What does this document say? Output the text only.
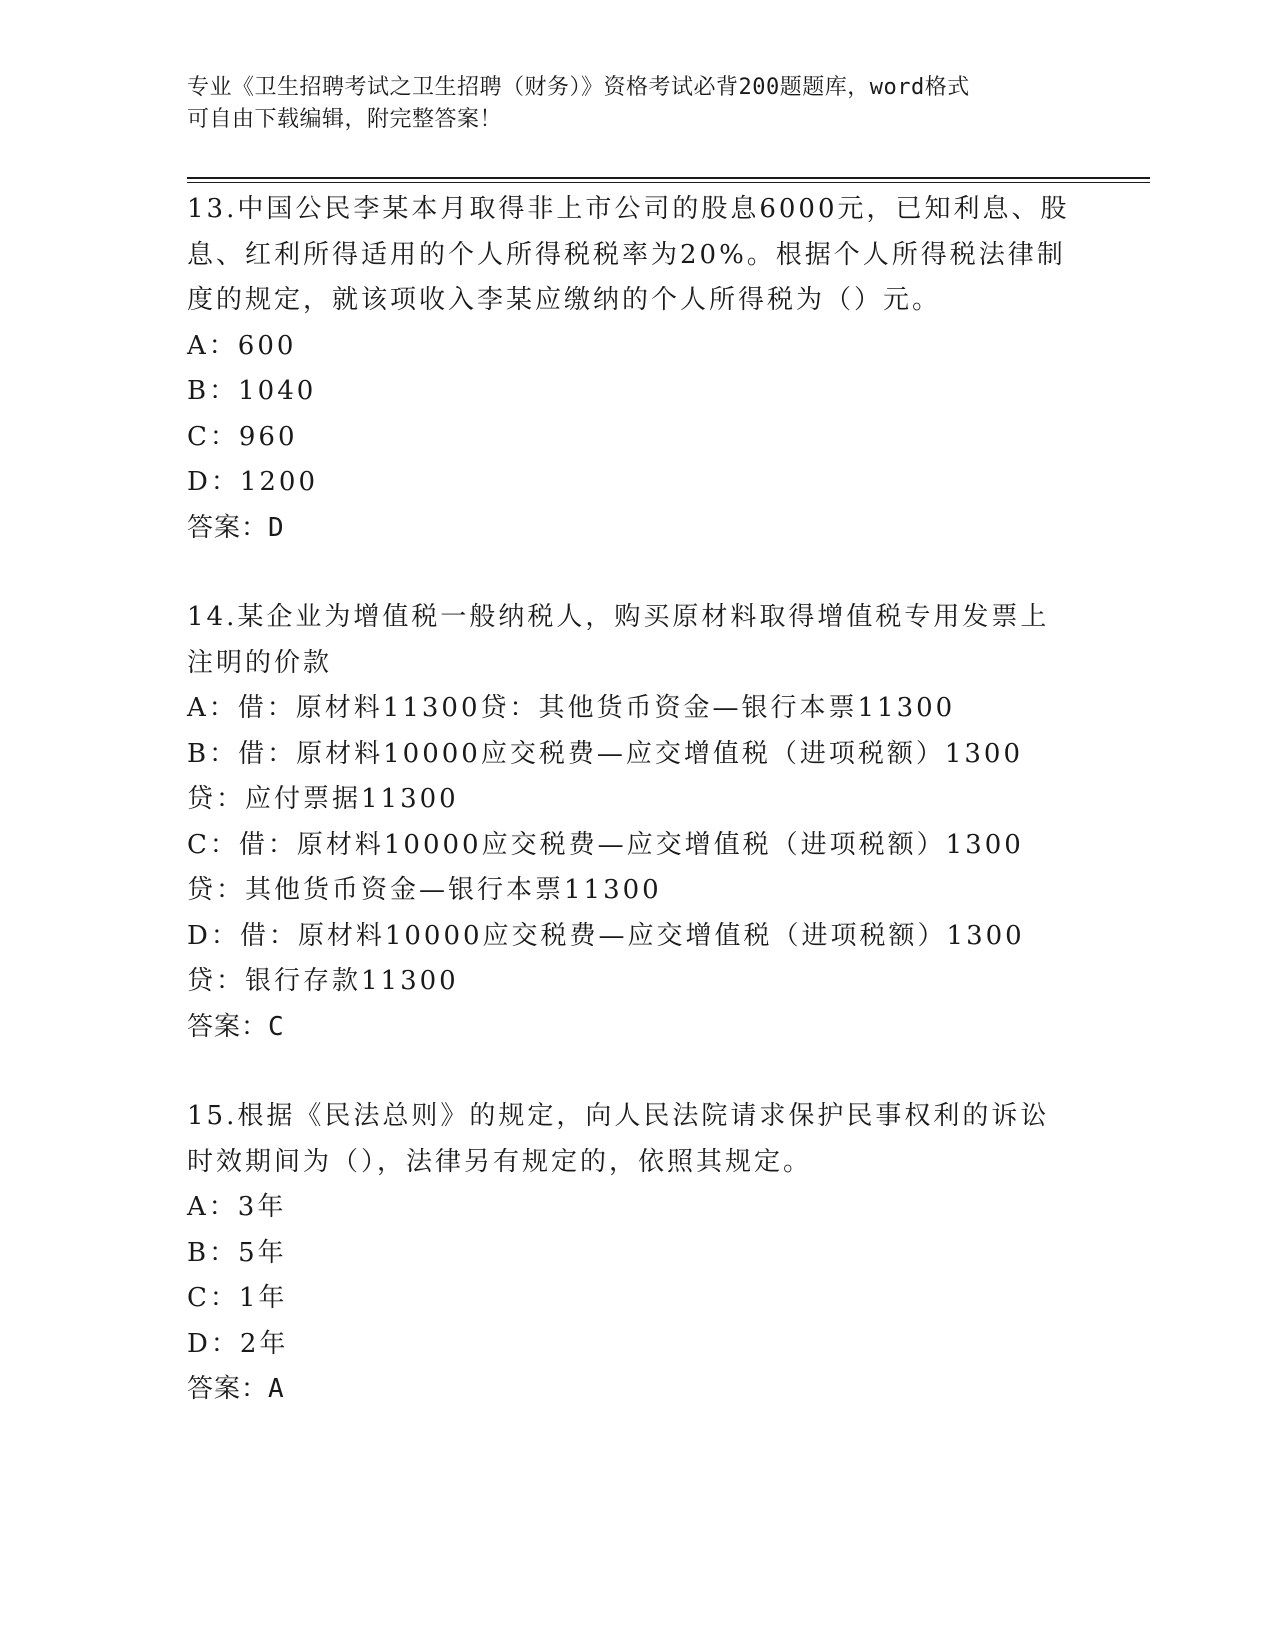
专业《卫生招聘考试之卫生招聘（财务）》资格考试必背200题题库，word格式
可自由下载编辑，附完整答案！
13.中国公民李某本月取得非上市公司的股息6000元，已知利息、股息、红利所得适用的个人所得税税率为20%。根据个人所得税法律制度的规定，就该项收入李某应缴纳的个人所得税为（）元。
A：600
B：1040
C：960
D：1200
答案：D
14.某企业为增值税一般纳税人，购买原材料取得增值税专用发票上注明的价款
A：借：原材料11300贷：其他货币资金—银行本票11300
B：借：原材料10000应交税费—应交增值税（进项税额）1300贷：应付票据11300
C：借：原材料10000应交税费—应交增值税（进项税额）1300贷：其他货币资金—银行本票11300
D：借：原材料10000应交税费—应交增值税（进项税额）1300贷：银行存款11300
答案：C
15.根据《民法总则》的规定，向人民法院请求保护民事权利的诉讼时效期间为（），法律另有规定的，依照其规定。
A：3年
B：5年
C：1年
D：2年
答案：A
